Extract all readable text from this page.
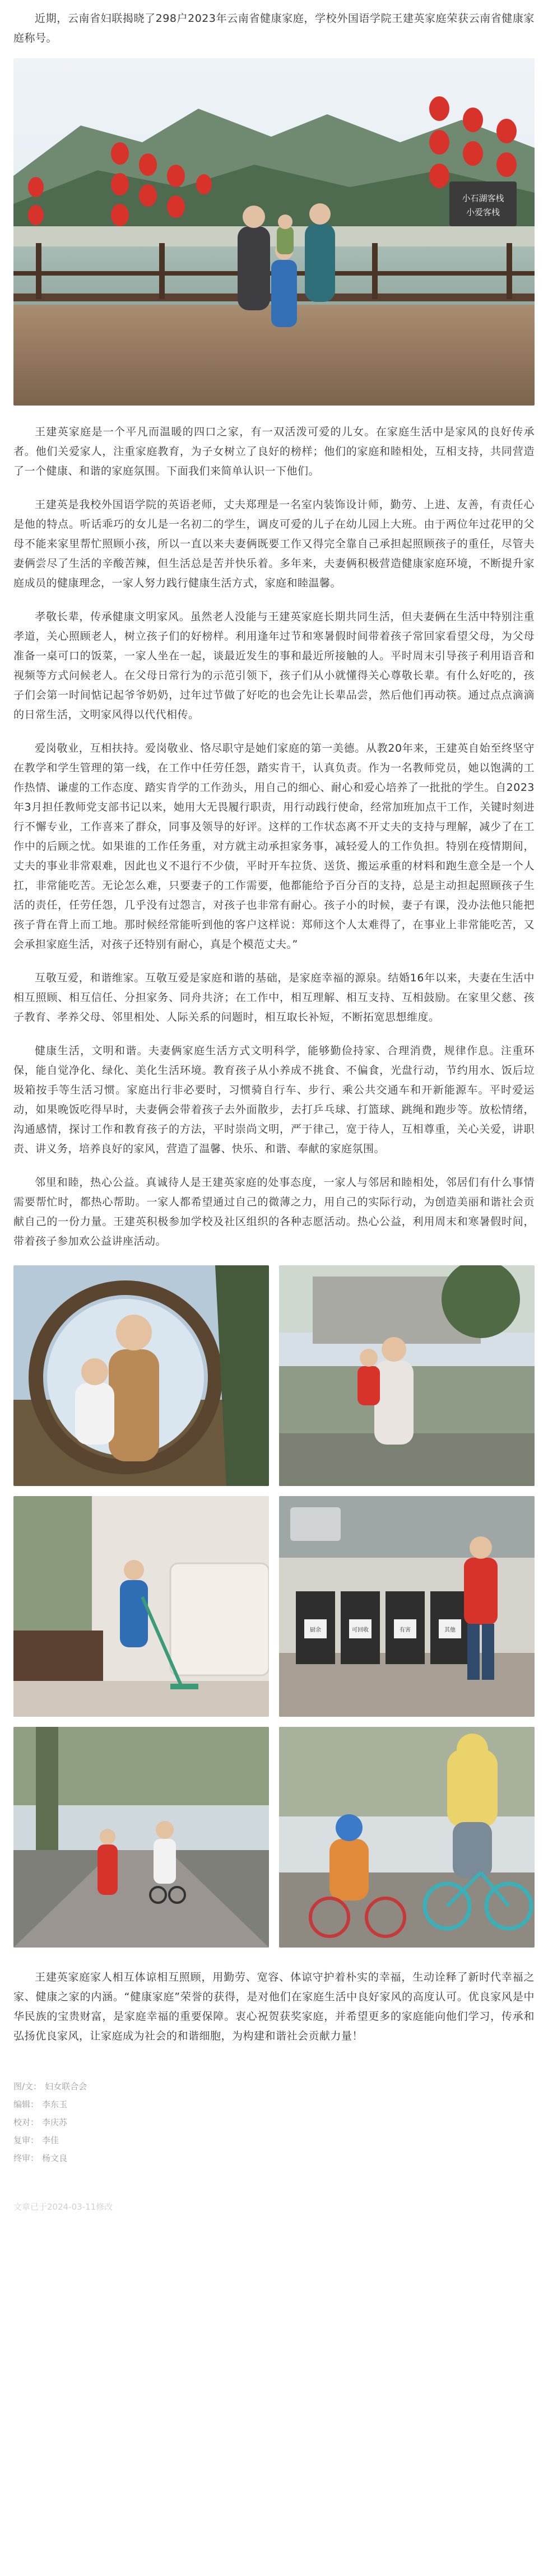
近期，云南省妇联揭晓了298户2023年云南省健康家庭，学校外国语学院王建英家庭荣获云南省健康家庭称号。

小石湖客栈
小爱客栈

王建英家庭是一个平凡而温暖的四口之家，有一双活泼可爱的儿女。在家庭生活中是家风的良好传承者。他们关爱家人，注重家庭教育，为子女树立了良好的榜样；他们的家庭和睦相处，互相支持，共同营造了一个健康、和谐的家庭氛围。下面我们来简单认识一下他们。

王建英是我校外国语学院的英语老师，丈夫郑理是一名室内装饰设计师，勤劳、上进、友善，有责任心是他的特点。听话乖巧的女儿是一名初二的学生，调皮可爱的儿子在幼儿园上大班。由于两位年过花甲的父母不能来家里帮忙照顾小孩，所以一直以来夫妻俩既要工作又得完全靠自己承担起照顾孩子的重任，尽管夫妻俩尝尽了生活的辛酸苦辣，但生活总是苦并快乐着。多年来，夫妻俩积极营造健康家庭环境，不断提升家庭成员的健康理念，一家人努力践行健康生活方式，家庭和睦温馨。

孝敬长辈，传承健康文明家风。虽然老人没能与王建英家庭长期共同生活，但夫妻俩在生活中特别注重孝道，关心照顾老人，树立孩子们的好榜样。利用逢年过节和寒暑假时间带着孩子常回家看望父母，为父母准备一桌可口的饭菜，一家人坐在一起，谈最近发生的事和最近所接触的人。平时周末引导孩子利用语音和视频等方式问候老人。在父母日常行为的示范引领下，孩子们从小就懂得关心尊敬长辈。有什么好吃的，孩子们会第一时间惦记起爷爷奶奶，过年过节做了好吃的也会先让长辈品尝，然后他们再动筷。通过点点滴滴的日常生活，文明家风得以代代相传。

爱岗敬业，互相扶持。爱岗敬业、恪尽职守是她们家庭的第一美德。从教20年来，王建英自始至终坚守在教学和学生管理的第一线，在工作中任劳任怨，踏实肯干，认真负责。作为一名教师党员，她以饱满的工作热情、谦虚的工作态度、踏实肯学的工作劲头，用自己的细心、耐心和爱心培养了一批批的学生。自2023年3月担任教师党支部书记以来，她用大无畏履行职责，用行动践行使命，经常加班加点干工作，关键时刻进行不懈专业，工作喜来了群众，同事及领导的好评。这样的工作状态离不开丈夫的支持与理解，减少了在工作中的后顾之忧。如果谁的工作任务重，对方就主动承担家务事，减轻爱人的工作负担。特别在疫情期间，丈夫的事业非常艰难，因此也义不退行不少债，平时开车拉货、送货、搬运承重的材料和跑生意全是一个人扛，非常能吃苦。无论怎么难，只要妻子的工作需要，他都能给予百分百的支持，总是主动担起照顾孩子生活的责任，任劳任怨，几乎没有过怨言，对孩子也非常有耐心。孩子小的时候，妻子有课，没办法他只能把孩子背在背上而工地。那时候经常能听到他的客户这样说：郑师这个人太难得了，在事业上非常能吃苦，又会承担家庭生活，对孩子还特别有耐心，真是个模范丈夫。”

互敬互爱，和谐维家。互敬互爱是家庭和谐的基础，是家庭幸福的源泉。结婚16年以来，夫妻在生活中相互照顾、相互信任、分担家务、同舟共济；在工作中，相互理解、相互支持、互相鼓励。在家里父慈、孩子教育、孝养父母、邻里相处、人际关系的问题时，相互取长补短，不断拓宽思想维度。

健康生活，文明和谐。夫妻俩家庭生活方式文明科学，能够勤俭持家、合理消费，规律作息。注重环保，能自觉净化、绿化、美化生活环境。教育孩子从小养成不挑食、不偏食，光盘行动，节约用水、饭后垃圾箱按手等生活习惯。家庭出行非必要时，习惯骑自行车、步行、乘公共交通车和开新能源车。平时爱运动，如果晚饭吃得早时，夫妻俩会带着孩子去外面散步，去打乒乓球、打篮球、跳绳和跑步等。放松情绪，沟通感情，探讨工作和教育孩子的方法，平时崇尚文明，严于律己，宽于待人，互相尊重，关心关爱，讲职责、讲义务，培养良好的家风，营造了温馨、快乐、和谐、奉献的家庭氛围。

邻里和睦，热心公益。真诚待人是王建英家庭的处事态度，一家人与邻居和睦相处，邻居们有什么事情需要帮忙时，都热心帮助。一家人都希望通过自己的微薄之力，用自己的实际行动，为创造美丽和谐社会贡献自己的一份力量。王建英积极参加学校及社区组织的各种志愿活动。热心公益，利用周末和寒暑假时间，带着孩子参加欢公益讲座活动。

厨余	可回收	有害	其他

王建英家庭家人相互体谅相互照顾，用勤劳、宽容、体谅守护着朴实的幸福，生动诠释了新时代幸福之家、健康之家的内涵。“健康家庭”荣誉的获得，是对他们在家庭生活中良好家风的高度认可。优良家风是中华民族的宝贵财富，是家庭幸福的重要保障。衷心祝贺获奖家庭，并希望更多的家庭能向他们学习，传承和弘扬优良家风，让家庭成为社会的和谐细胞，为构建和谐社会贡献力量！

图/文： 妇女联合会
编辑： 李东玉
校对： 李庆苏
复审： 李佳
终审： 杨文良
文章已于2024-03-11修改
